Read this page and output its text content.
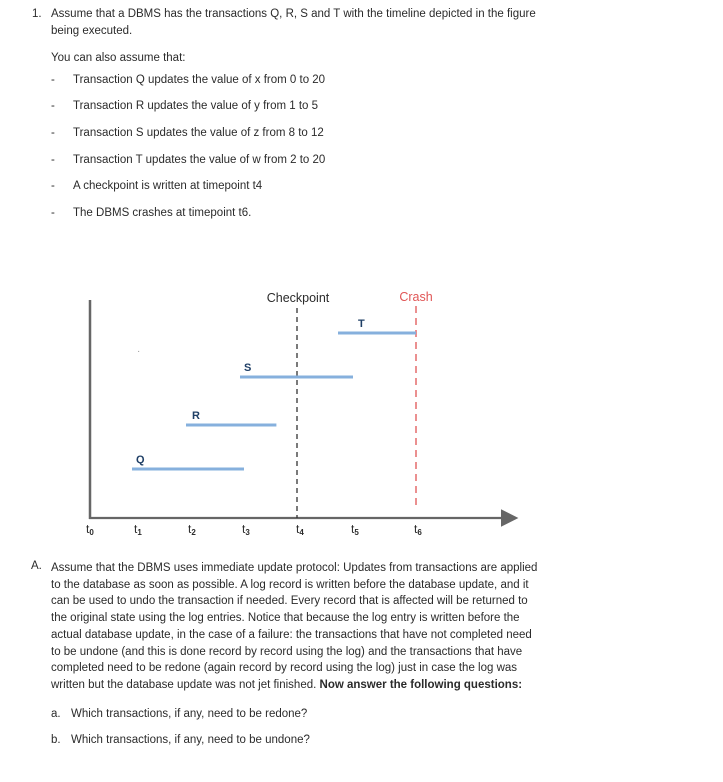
1. Assume that a DBMS has the transactions Q, R, S and T with the timeline depicted in the figure
being executed.
You can also assume that:
- Transaction Q updates the value of x from 0 to 20
- Transaction R updates the value of y from 1 to 5
- Transaction S updates the value of z from 8 to 12
- Transaction T updates the value of w from 2 to 20
- A checkpoint is written at timepoint t4
- The DBMS crashes at timepoint t6.
Checkpoint	Crash
·
Q
R
S
T
t0	t1	t2	t3	t4	t5	t6
A. Assume that the DBMS uses immediate update protocol: Updates from transactions are applied
to the database as soon as possible. A log record is written before the database update, and it
can be used to undo the transaction if needed. Every record that is affected will be returned to
the original state using the log entries. Notice that because the log entry is written before the
actual database update, in the case of a failure: the transactions that have not completed need
to be undone (and this is done record by record using the log) and the transactions that have
completed need to be redone (again record by record using the log) just in case the log was
written but the database update was not jet finished. Now answer the following questions:
a. Which transactions, if any, need to be redone?
b. Which transactions, if any, need to be undone?
